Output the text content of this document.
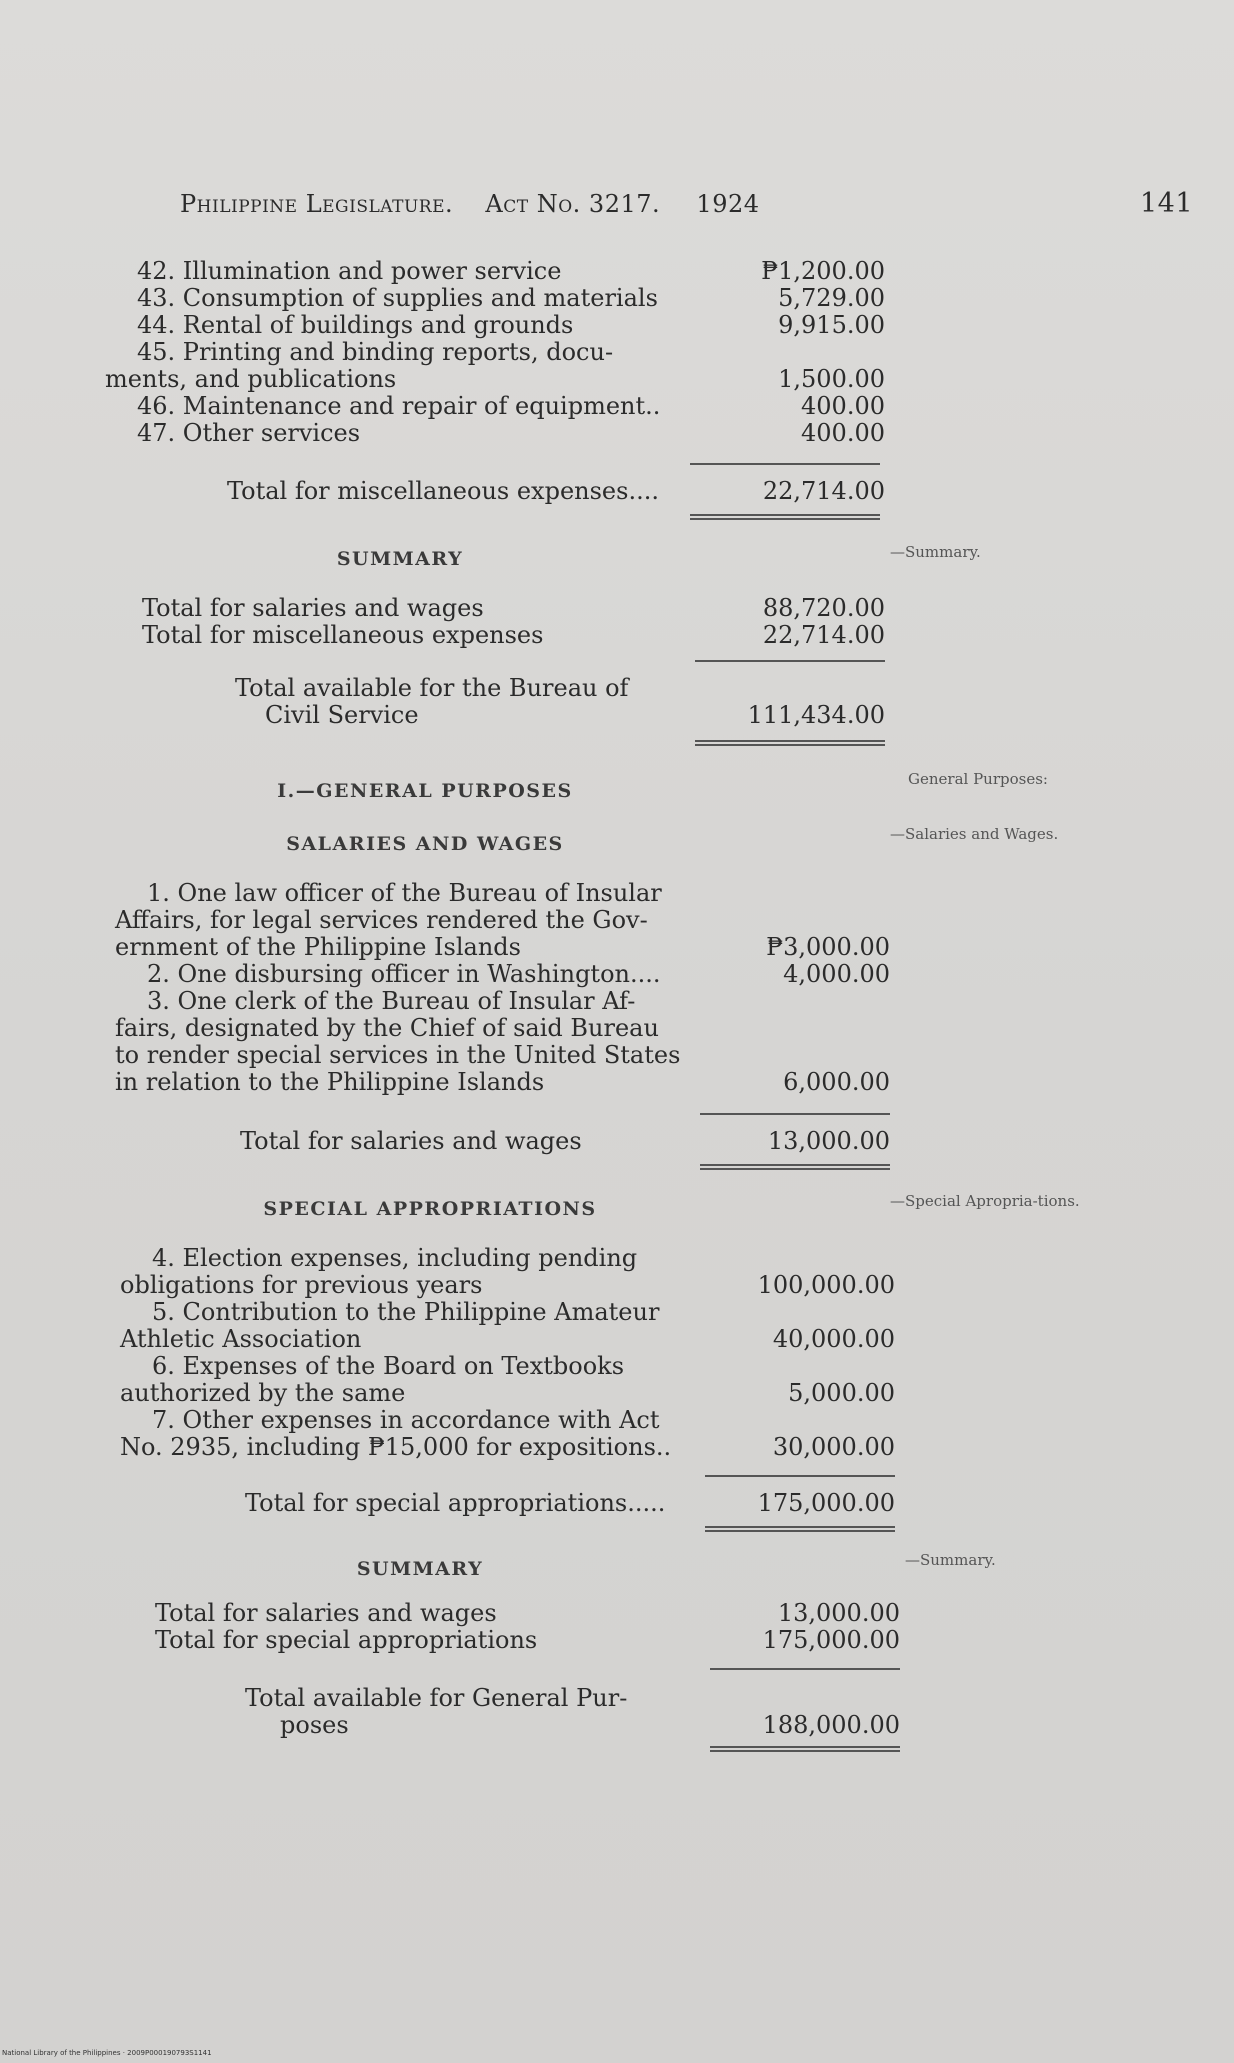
Philippine Legislature. Act No. 3217. 1924	141
42. Illumination and power service	₱1,200.00
43. Consumption of supplies and materials	5,729.00
44. Rental of buildings and grounds	9,915.00
45. Printing and binding reports, docu-
ments, and publications	1,500.00
46. Maintenance and repair of equipment..	400.00
47. Other services	400.00
Total for miscellaneous expenses....	22,714.00
SUMMARY	—Summary.
Total for salaries and wages	88,720.00
Total for miscellaneous expenses	22,714.00
Total available for the Bureau of
Civil Service	111,434.00
I.—GENERAL PURPOSES
General Purposes:
SALARIES AND WAGES	—Salaries and Wages.
1. One law officer of the Bureau of Insular
Affairs, for legal services rendered the Gov-
ernment of the Philippine Islands	₱3,000.00
2. One disbursing officer in Washington....	4,000.00
3. One clerk of the Bureau of Insular Af-
fairs, designated by the Chief of said Bureau
to render special services in the United States
in relation to the Philippine Islands	6,000.00
Total for salaries and wages	13,000.00
SPECIAL APPROPRIATIONS	—Special Apropria-tions.
4. Election expenses, including pending
obligations for previous years	100,000.00
5. Contribution to the Philippine Amateur
Athletic Association	40,000.00
6. Expenses of the Board on Textbooks
authorized by the same	5,000.00
7. Other expenses in accordance with Act
No. 2935, including ₱15,000 for expositions..	30,000.00
Total for special appropriations.....	175,000.00
SUMMARY	—Summary.
Total for salaries and wages	13,000.00
Total for special appropriations	175,000.00
Total available for General Pur-
poses	188,000.00
National Library of the Philippines · 2009P000190793S1141
